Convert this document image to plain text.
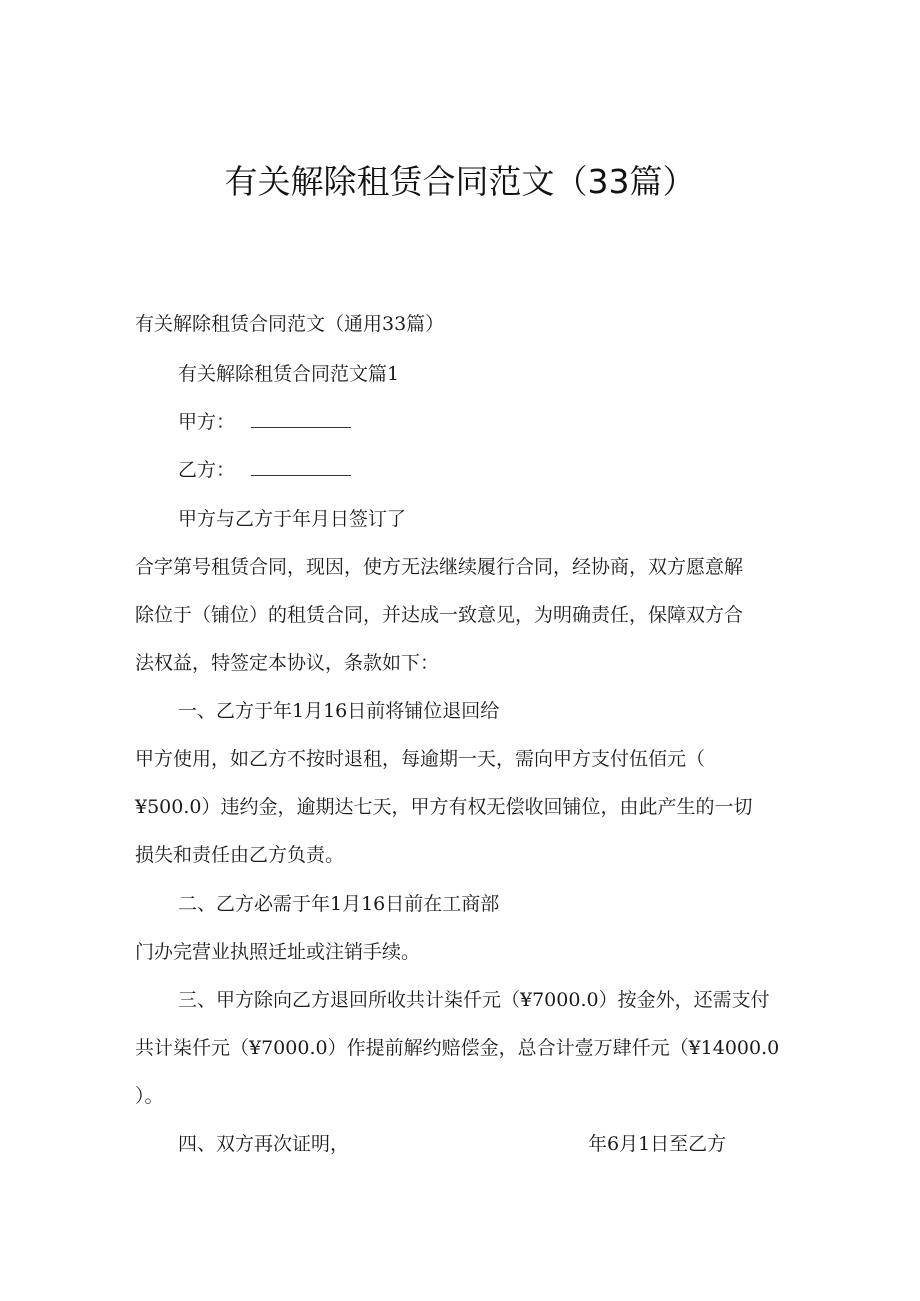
有关解除租赁合同范文（33篇）

有关解除租赁合同范文（通用33篇）

有关解除租赁合同范文篇1

甲方：

乙方：

甲方与乙方于年月日签订了

合字第号租赁合同，现因，使方无法继续履行合同，经协商，双方愿意解

除位于（铺位）的租赁合同，并达成一致意见，为明确责任，保障双方合

法权益，特签定本协议，条款如下：

一、乙方于年1月16日前将铺位退回给

甲方使用，如乙方不按时退租，每逾期一天，需向甲方支付伍佰元（

¥500.0）违约金，逾期达七天，甲方有权无偿收回铺位，由此产生的一切

损失和责任由乙方负责。

二、乙方必需于年1月16日前在工商部

门办完营业执照迁址或注销手续。

三、甲方除向乙方退回所收共计柒仟元（¥7000.0）按金外，还需支付

共计柒仟元（¥7000.0）作提前解约赔偿金，总合计壹万肆仟元（¥14000.0

）。

四、双方再次证明，	年6月1日至乙方
